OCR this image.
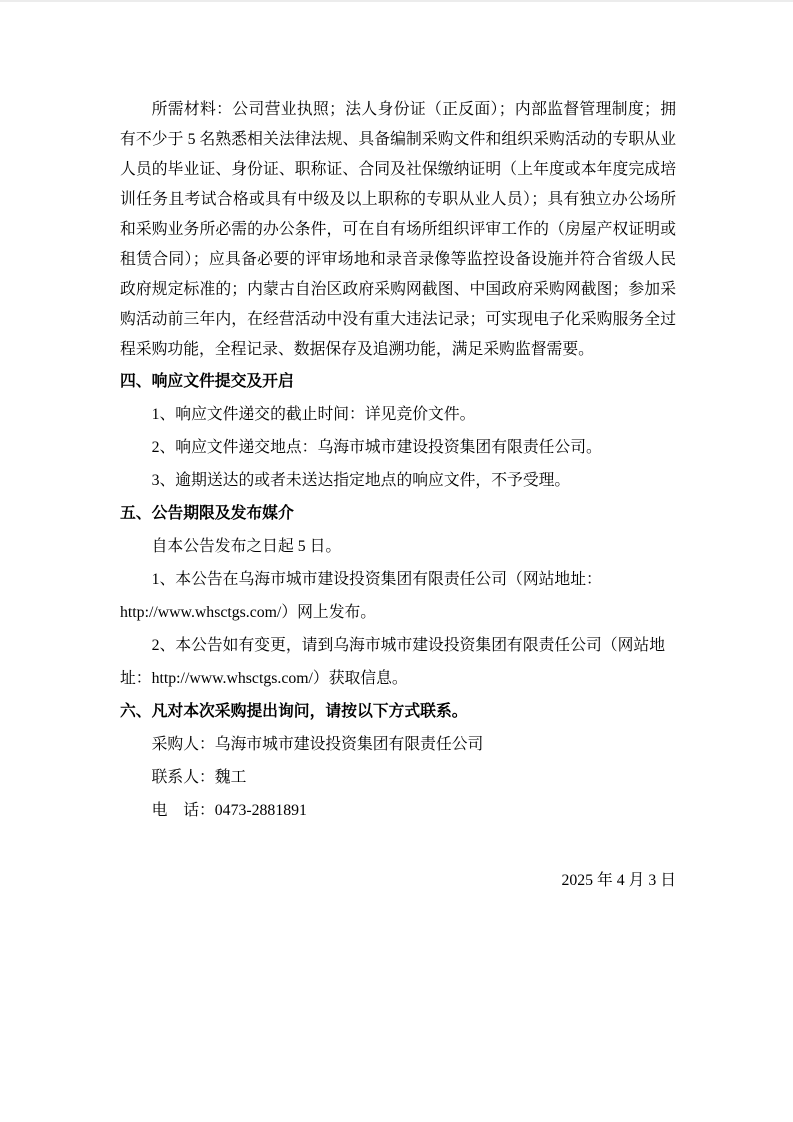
所需材料：公司营业执照；法人身份证（正反面）；内部监督管理制度；拥
有不少于 5 名熟悉相关法律法规、具备编制采购文件和组织采购活动的专职从业
人员的毕业证、身份证、职称证、合同及社保缴纳证明（上年度或本年度完成培
训任务且考试合格或具有中级及以上职称的专职从业人员）；具有独立办公场所
和采购业务所必需的办公条件，可在自有场所组织评审工作的（房屋产权证明或
租赁合同）；应具备必要的评审场地和录音录像等监控设备设施并符合省级人民
政府规定标准的；内蒙古自治区政府采购网截图、中国政府采购网截图；参加采
购活动前三年内，在经营活动中没有重大违法记录；可实现电子化采购服务全过
程采购功能，全程记录、数据保存及追溯功能，满足采购监督需要。

四、响应文件提交及开启
1、响应文件递交的截止时间：详见竞价文件。
2、响应文件递交地点：乌海市城市建设投资集团有限责任公司。
3、逾期送达的或者未送达指定地点的响应文件，不予受理。
五、公告期限及发布媒介
自本公告发布之日起 5 日。
1、本公告在乌海市城市建设投资集团有限责任公司（网站地址：
http://www.whsctgs.com/）网上发布。
2、本公告如有变更，请到乌海市城市建设投资集团有限责任公司（网站地
址：http://www.whsctgs.com/）获取信息。
六、凡对本次采购提出询问，请按以下方式联系。
采购人：乌海市城市建设投资集团有限责任公司
联系人：魏工
电　话：0473-2881891
2025 年 4 月 3 日
